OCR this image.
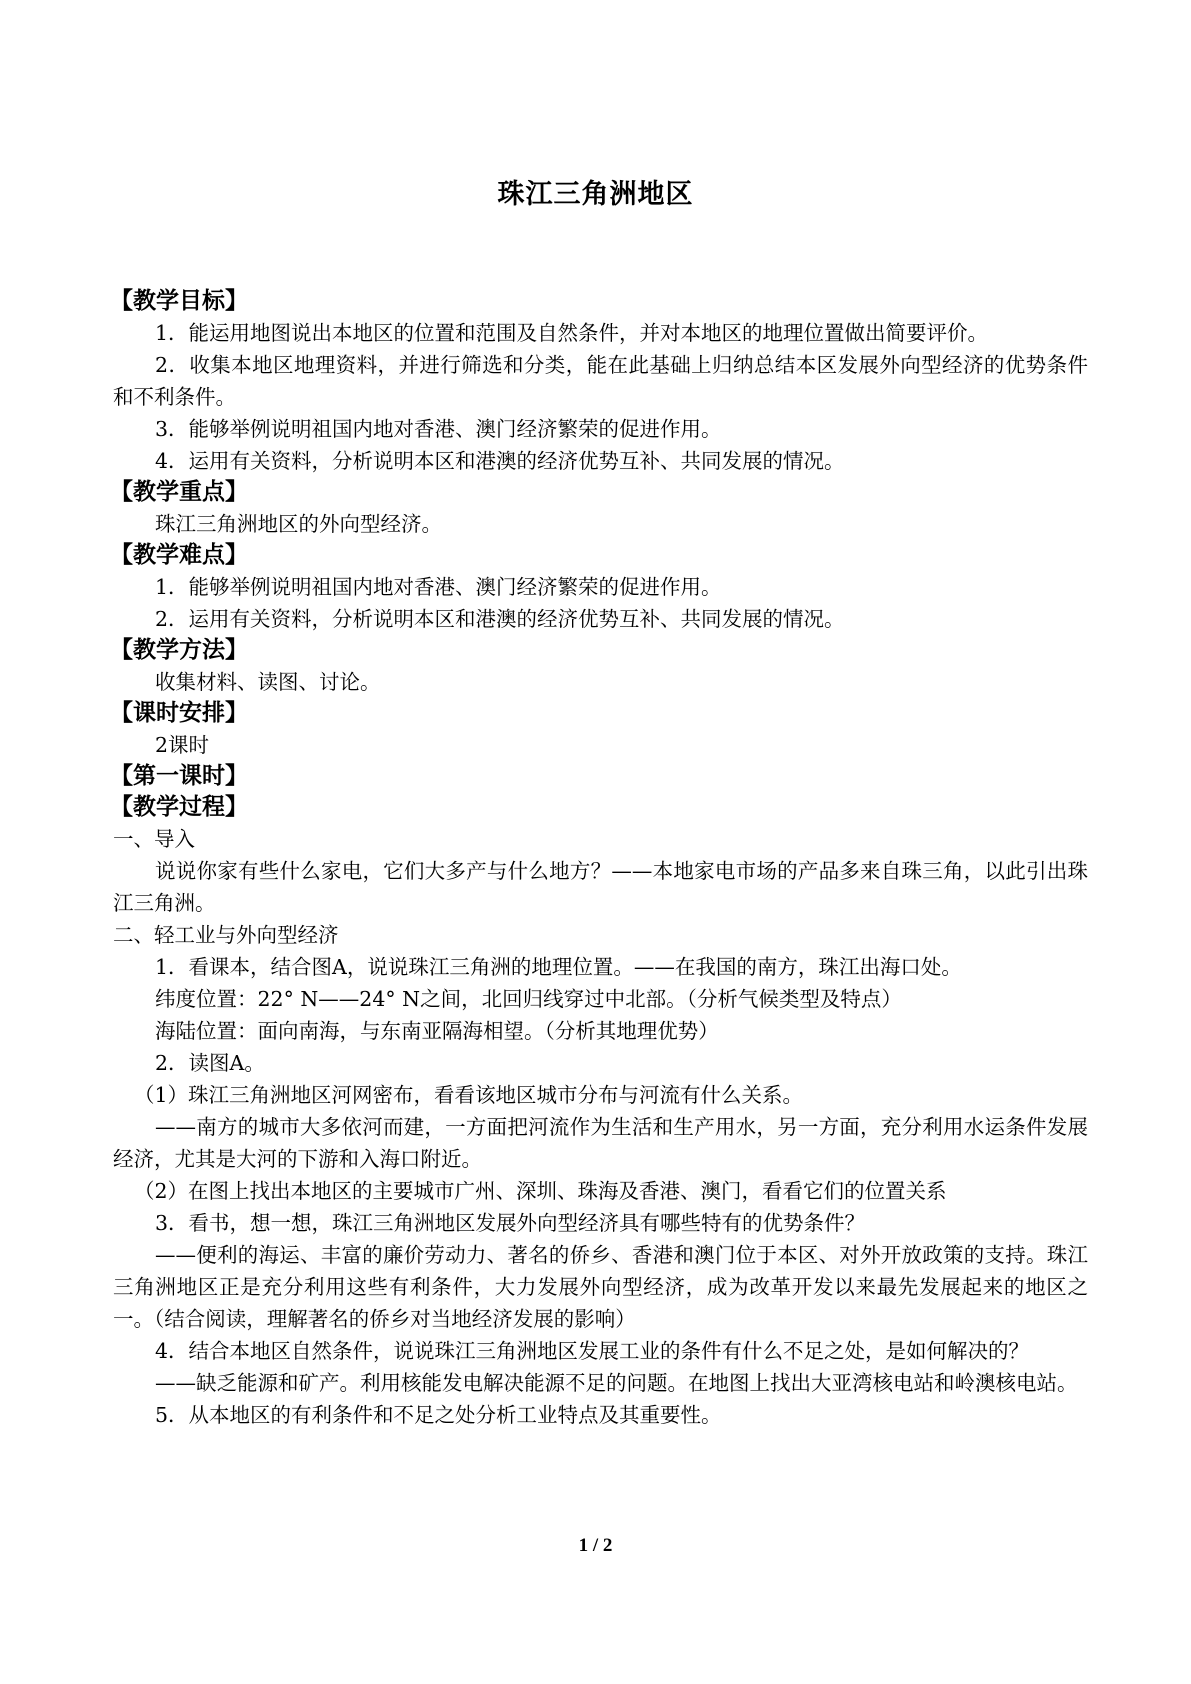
珠江三角洲地区
【教学目标】

1．能运用地图说出本地区的位置和范围及自然条件，并对本地区的地理位置做出简要评价。

2．收集本地区地理资料，并进行筛选和分类，能在此基础上归纳总结本区发展外向型经济的优势条件和不利条件。

3．能够举例说明祖国内地对香港、澳门经济繁荣的促进作用。

4．运用有关资料，分析说明本区和港澳的经济优势互补、共同发展的情况。

【教学重点】

珠江三角洲地区的外向型经济。

【教学难点】

1．能够举例说明祖国内地对香港、澳门经济繁荣的促进作用。

2．运用有关资料，分析说明本区和港澳的经济优势互补、共同发展的情况。

【教学方法】

收集材料、读图、讨论。

【课时安排】

2课时

【第一课时】
【教学过程】

一、导入

说说你家有些什么家电，它们大多产与什么地方？——本地家电市场的产品多来自珠三角，以此引出珠江三角洲。

二、轻工业与外向型经济

1．看课本，结合图A，说说珠江三角洲的地理位置。——在我国的南方，珠江出海口处。

纬度位置：22° N——24° N之间，北回归线穿过中北部。（分析气候类型及特点）

海陆位置：面向南海，与东南亚隔海相望。（分析其地理优势）

2．读图A。

（1）珠江三角洲地区河网密布，看看该地区城市分布与河流有什么关系。

——南方的城市大多依河而建，一方面把河流作为生活和生产用水，另一方面，充分利用水运条件发展经济，尤其是大河的下游和入海口附近。

（2）在图上找出本地区的主要城市广州、深圳、珠海及香港、澳门，看看它们的位置关系

3．看书，想一想，珠江三角洲地区发展外向型经济具有哪些特有的优势条件？

——便利的海运、丰富的廉价劳动力、著名的侨乡、香港和澳门位于本区、对外开放政策的支持。珠江三角洲地区正是充分利用这些有利条件，大力发展外向型经济，成为改革开发以来最先发展起来的地区之一。（结合阅读，理解著名的侨乡对当地经济发展的影响）

4．结合本地区自然条件，说说珠江三角洲地区发展工业的条件有什么不足之处，是如何解决的？

——缺乏能源和矿产。利用核能发电解决能源不足的问题。在地图上找出大亚湾核电站和岭澳核电站。

5．从本地区的有利条件和不足之处分析工业特点及其重要性。

1 / 2
